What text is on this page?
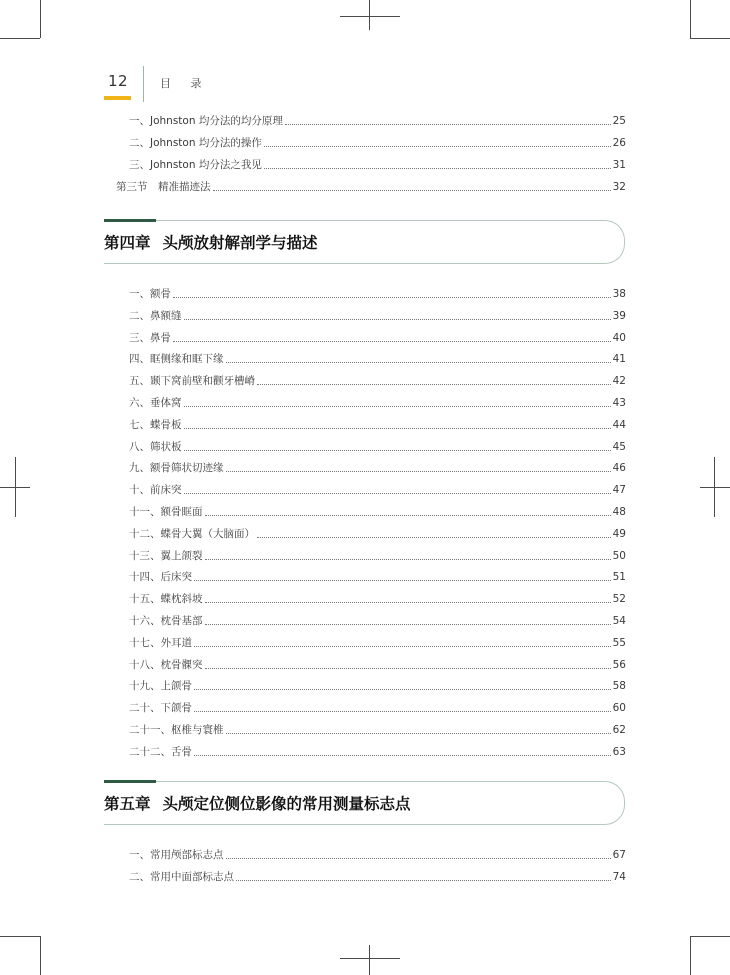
12	目 录
一、Johnston 均分法的均分原理	25
二、Johnston 均分法的操作	26
三、Johnston 均分法之我见	31
第三节　精准描迹法	32
第四章 头颅放射解剖学与描述
一、额骨	38
二、鼻额缝	39
三、鼻骨	40
四、眶侧缘和眶下缘	41
五、颞下窝前壁和颧牙槽嵴	42
六、垂体窝	43
七、蝶骨板	44
八、筛状板	45
九、额骨筛状切迹缘	46
十、前床突	47
十一、额骨眶面	48
十二、蝶骨大翼（大脑面）	49
十三、翼上颌裂	50
十四、后床突	51
十五、蝶枕斜坡	52
十六、枕骨基部	54
十七、外耳道	55
十八、枕骨髁突	56
十九、上颌骨	58
二十、下颌骨	60
二十一、枢椎与寰椎	62
二十二、舌骨	63
第五章 头颅定位侧位影像的常用测量标志点
一、常用颅部标志点	67
二、常用中面部标志点	74
